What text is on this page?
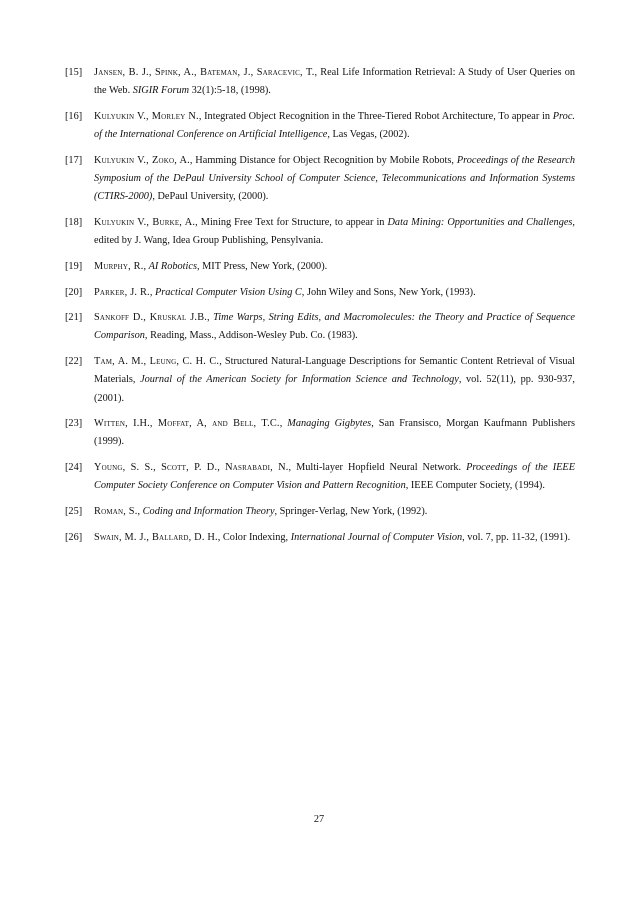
[15] Jansen, B. J., Spink, A., Bateman, J., Saracevic, T., Real Life Information Retrieval: A Study of User Queries on the Web. SIGIR Forum 32(1):5-18, (1998).
[16] Kulyukin V., Morley N., Integrated Object Recognition in the Three-Tiered Robot Architecture, To appear in Proc. of the International Conference on Artificial Intelligence, Las Vegas, (2002).
[17] Kulyukin V., Zoko, A., Hamming Distance for Object Recognition by Mobile Robots, Proceedings of the Research Symposium of the DePaul University School of Computer Science, Telecommunications and Information Systems (CTIRS-2000), DePaul University, (2000).
[18] Kulyukin V., Burke, A., Mining Free Text for Structure, to appear in Data Mining: Opportunities and Challenges, edited by J. Wang, Idea Group Publishing, Pensylvania.
[19] Murphy, R., AI Robotics, MIT Press, New York, (2000).
[20] Parker, J. R., Practical Computer Vision Using C, John Wiley and Sons, New York, (1993).
[21] Sankoff D., Kruskal J.B., Time Warps, String Edits, and Macromolecules: the Theory and Practice of Sequence Comparison, Reading, Mass., Addison-Wesley Pub. Co. (1983).
[22] Tam, A. M., Leung, C. H. C., Structured Natural-Language Descriptions for Semantic Content Retrieval of Visual Materials, Journal of the American Society for Information Science and Technology, vol. 52(11), pp. 930-937, (2001).
[23] Witten, I.H., Moffat, A, and Bell, T.C., Managing Gigbytes, San Fransisco, Morgan Kaufmann Publishers (1999).
[24] Young, S. S., Scott, P. D., Nasrabadi, N., Multi-layer Hopfield Neural Network. Proceedings of the IEEE Computer Society Conference on Computer Vision and Pattern Recognition, IEEE Computer Society, (1994).
[25] Roman, S., Coding and Information Theory, Springer-Verlag, New York, (1992).
[26] Swain, M. J., Ballard, D. H., Color Indexing, International Journal of Computer Vision, vol. 7, pp. 11-32, (1991).
27
